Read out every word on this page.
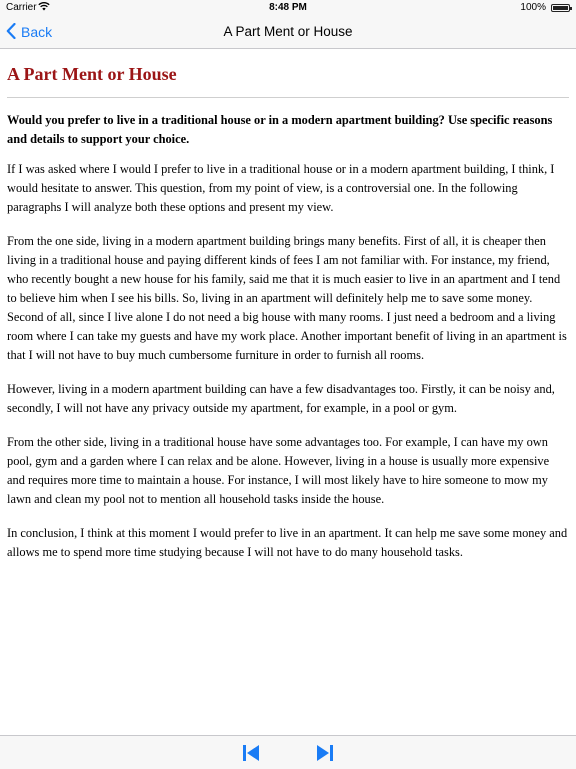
Carrier	8:48 PM	100%
Back	A Part Ment or House
A Part Ment or House

Would you prefer to live in a traditional house or in a modern apartment building? Use specific reasons and details to support your choice.

If I was asked where I would I prefer to live in a traditional house or in a modern apartment building, I think, I would hesitate to answer. This question, from my point of view, is a controversial one. In the following paragraphs I will analyze both these options and present my view.

From the one side, living in a modern apartment building brings many benefits. First of all, it is cheaper then living in a traditional house and paying different kinds of fees I am not familiar with. For instance, my friend, who recently bought a new house for his family, said me that it is much easier to live in an apartment and I tend to believe him when I see his bills. So, living in an apartment will definitely help me to save some money. Second of all, since I live alone I do not need a big house with many rooms. I just need a bedroom and a living room where I can take my guests and have my work place. Another important benefit of living in an apartment is that I will not have to buy much cumbersome furniture in order to furnish all rooms.

However, living in a modern apartment building can have a few disadvantages too. Firstly, it can be noisy and, secondly, I will not have any privacy outside my apartment, for example, in a pool or gym.

From the other side, living in a traditional house have some advantages too. For example, I can have my own pool, gym and a garden where I can relax and be alone. However, living in a house is usually more expensive and requires more time to maintain a house. For instance, I will most likely have to hire someone to mow my lawn and clean my pool not to mention all household tasks inside the house.

In conclusion, I think at this moment I would prefer to live in an apartment. It can help me save some money and allows me to spend more time studying because I will not have to do many household tasks.
